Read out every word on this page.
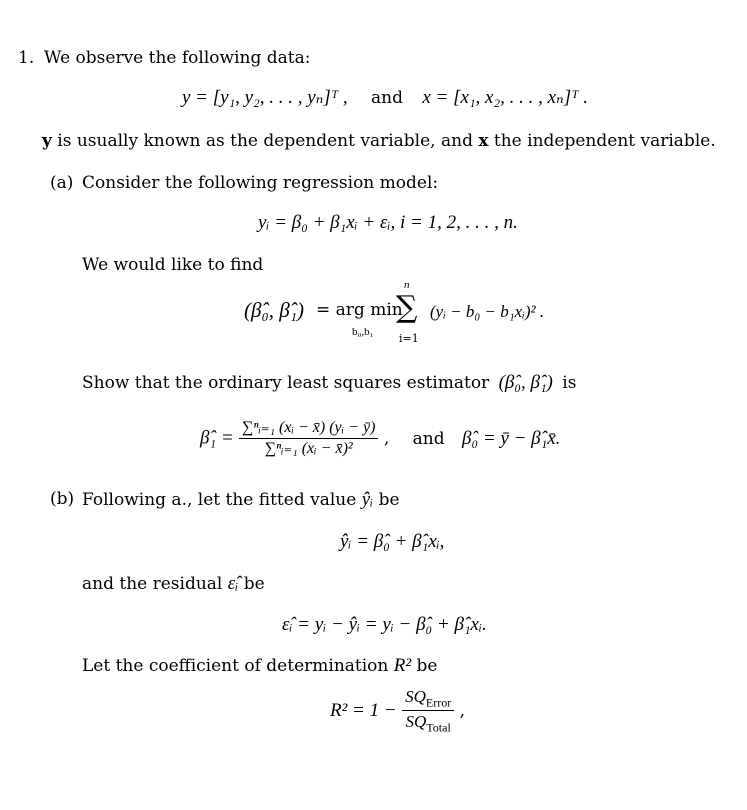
1. We observe the following data:
y = [y₁, y₂, . . . , yₙ]ᵀ , and x = [x₁, x₂, . . . , xₙ]ᵀ .
y is usually known as the dependent variable, and x the independent variable.
(a) Consider the following regression model:
yᵢ = β₀ + β₁xᵢ + εᵢ, i = 1, 2, . . . , n.
We would like to find
(β̂₀, β̂₁) = arg min
b₀,b₁
n
∑
i=1
(yᵢ − b₀ − b₁xᵢ)² .
Show that the ordinary least squares estimator (β̂₀, β̂₁) is
β̂₁ = $\frac{\text{∑ⁿᵢ₌₁ (xᵢ − x̄) (yᵢ − ȳ)}}{\text{∑ⁿᵢ₌₁ (xᵢ − x̄)²}}$ , and β̂₀ = ȳ − β̂₁x̄.
(b) Following a., let the fitted value ŷᵢ be
ŷᵢ = β̂₀ + β̂₁xᵢ,
and the residual ε̂ᵢ be
ε̂ᵢ = yᵢ − ŷᵢ = yᵢ − β̂₀ + β̂₁xᵢ.
Let the coefficient of determination R² be
$R^2 = 1 - \frac{SQ_{Error}}{SQ_{Total}}$ ,
